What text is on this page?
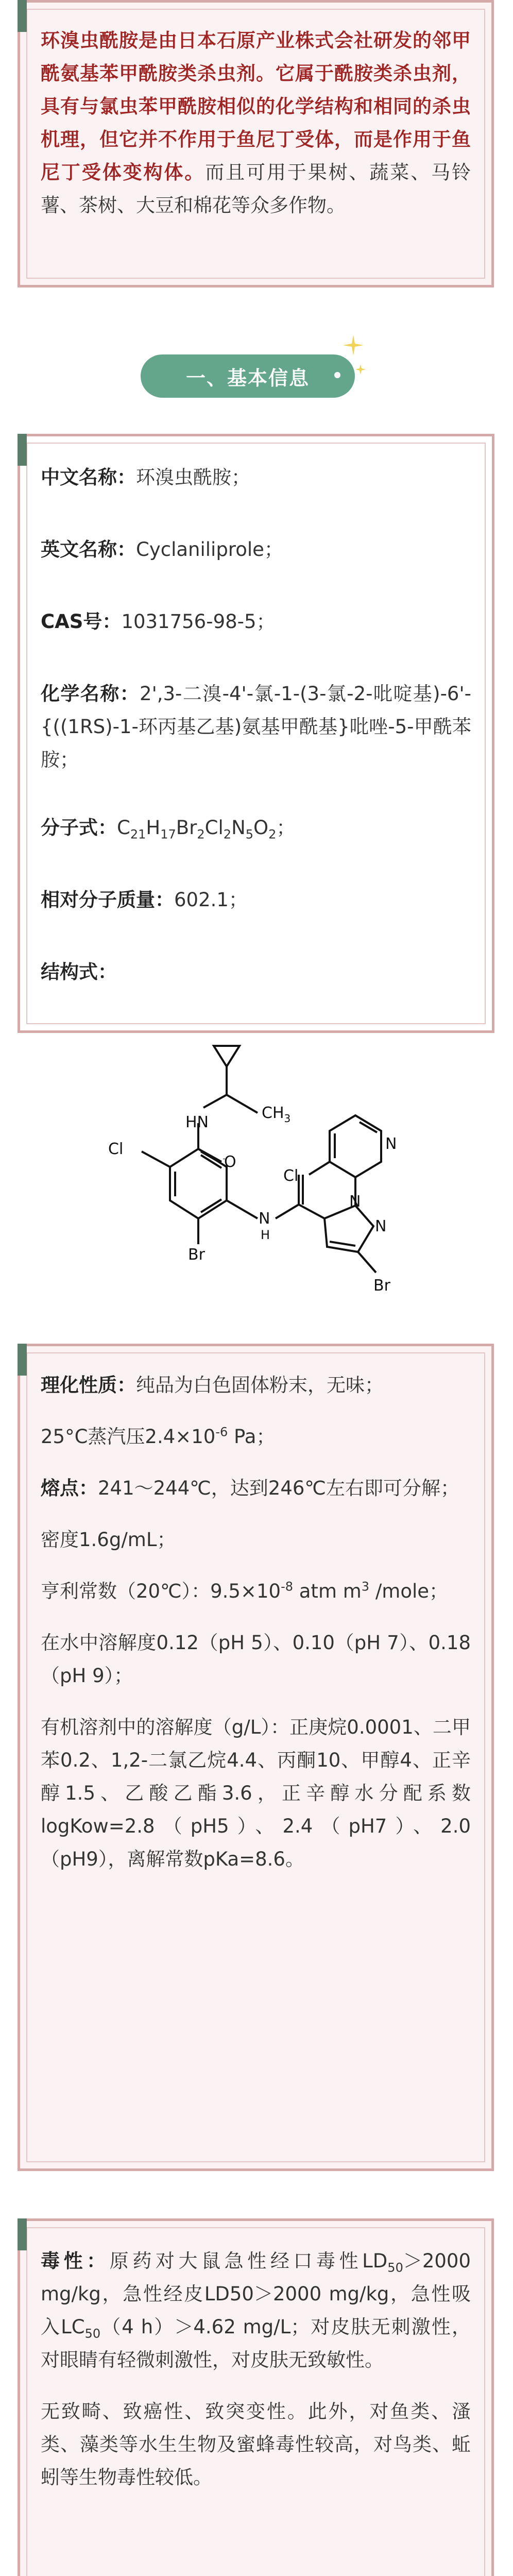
环溴虫酰胺是由日本石原产业株式会社研发的邻甲酰氨基苯甲酰胺类杀虫剂。它属于酰胺类杀虫剂，具有与氯虫苯甲酰胺相似的化学结构和相同的杀虫机理，但它并不作用于鱼尼丁受体，而是作用于鱼尼丁受体变构体。而且可用于果树、蔬菜、马铃薯、茶树、大豆和棉花等众多作物。

一、基本信息
中文名称：环溴虫酰胺；
英文名称：Cyclaniliprole；
CAS号：1031756-98-5；
化学名称：2',3-二溴-4'-氯-1-(3-氯-2-吡啶基)-6'-{((1RS)-1-环丙基乙基)氨基甲酰基}吡唑-5-甲酰苯胺；
分子式：$C_{21}H_{17}Br_2Cl_2N_5O_2$；
相对分子质量：602.1；
结构式：
HN
$CH_3$
Cl
O
N
Cl
N
H
N
N
Br
Br

理化性质：纯品为白色固体粉末，无味；

25°C蒸汽压$2.4\times 10^{-6}$ Pa；

熔点：241～244℃，达到246℃左右即可分解；

密度1.6g/mL；

亨利常数（20℃）：$9.5\times 10^{-8}$ atm $m^3$ /mole；

在水中溶解度0.12（pH 5）、0.10（pH 7）、0.18（pH 9）；

有机溶剂中的溶解度（g/L）：正庚烷0.0001、二甲苯0.2、1,2-二氯乙烷4.4、丙酮10、甲醇4、正辛醇1.5、乙酸乙酯3.6，正辛醇水分配系数logKow=2.8（pH5）、2.4（pH7）、2.0（pH9），离解常数pKa=8.6。

毒性：原药对大鼠急性经口毒性$LD_{50}>2000$ mg/kg，急性经皮LD50＞2000 mg/kg，急性吸入$LC_{50}(4$ h）＞4.62 mg/L；对皮肤无刺激性，对眼睛有轻微刺激性，对皮肤无致敏性。

无致畸、致癌性、致突变性。此外，对鱼类、溞类、藻类等水生生物及蜜蜂毒性较高，对鸟类、蚯蚓等生物毒性较低。
